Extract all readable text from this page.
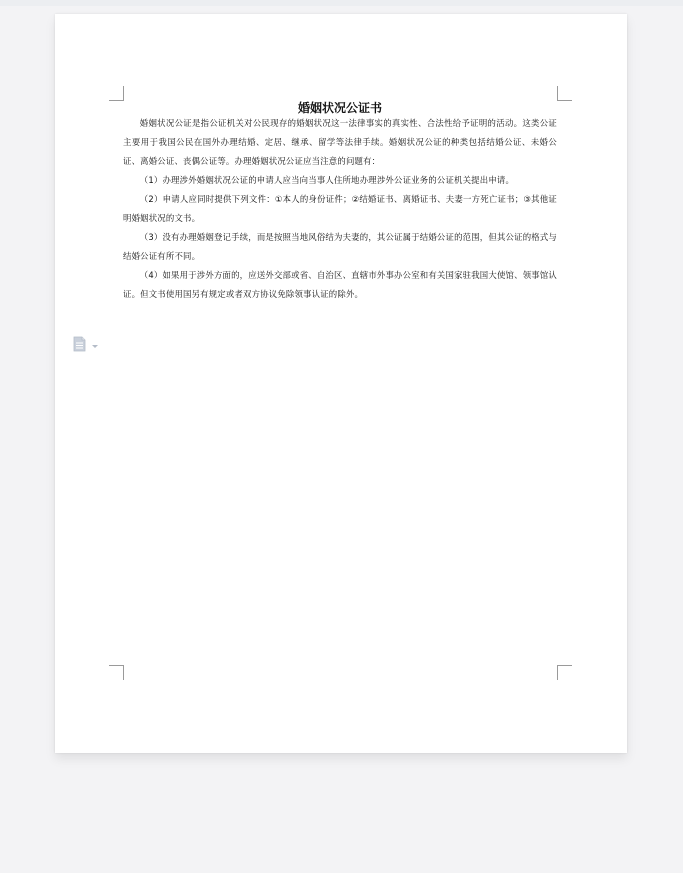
婚姻状况公证书

婚姻状况公证是指公证机关对公民现存的婚姻状况这一法律事实的真实性、合法性给予证明的活动。这类公证主要用于我国公民在国外办理结婚、定居、继承、留学等法律手续。婚姻状况公证的种类包括结婚公证、未婚公证、离婚公证、丧偶公证等。办理婚姻状况公证应当注意的问题有：

（1）办理涉外婚姻状况公证的申请人应当向当事人住所地办理涉外公证业务的公证机关提出申请。

（2）申请人应同时提供下列文件：①本人的身份证件；②结婚证书、离婚证书、夫妻一方死亡证书；③其他证明婚姻状况的文书。

（3）没有办理婚姻登记手续，而是按照当地风俗结为夫妻的，其公证属于结婚公证的范围，但其公证的格式与结婚公证有所不同。

（4）如果用于涉外方面的，应送外交部或省、自治区、直辖市外事办公室和有关国家驻我国大使馆、领事馆认证。但文书使用国另有规定或者双方协议免除领事认证的除外。
